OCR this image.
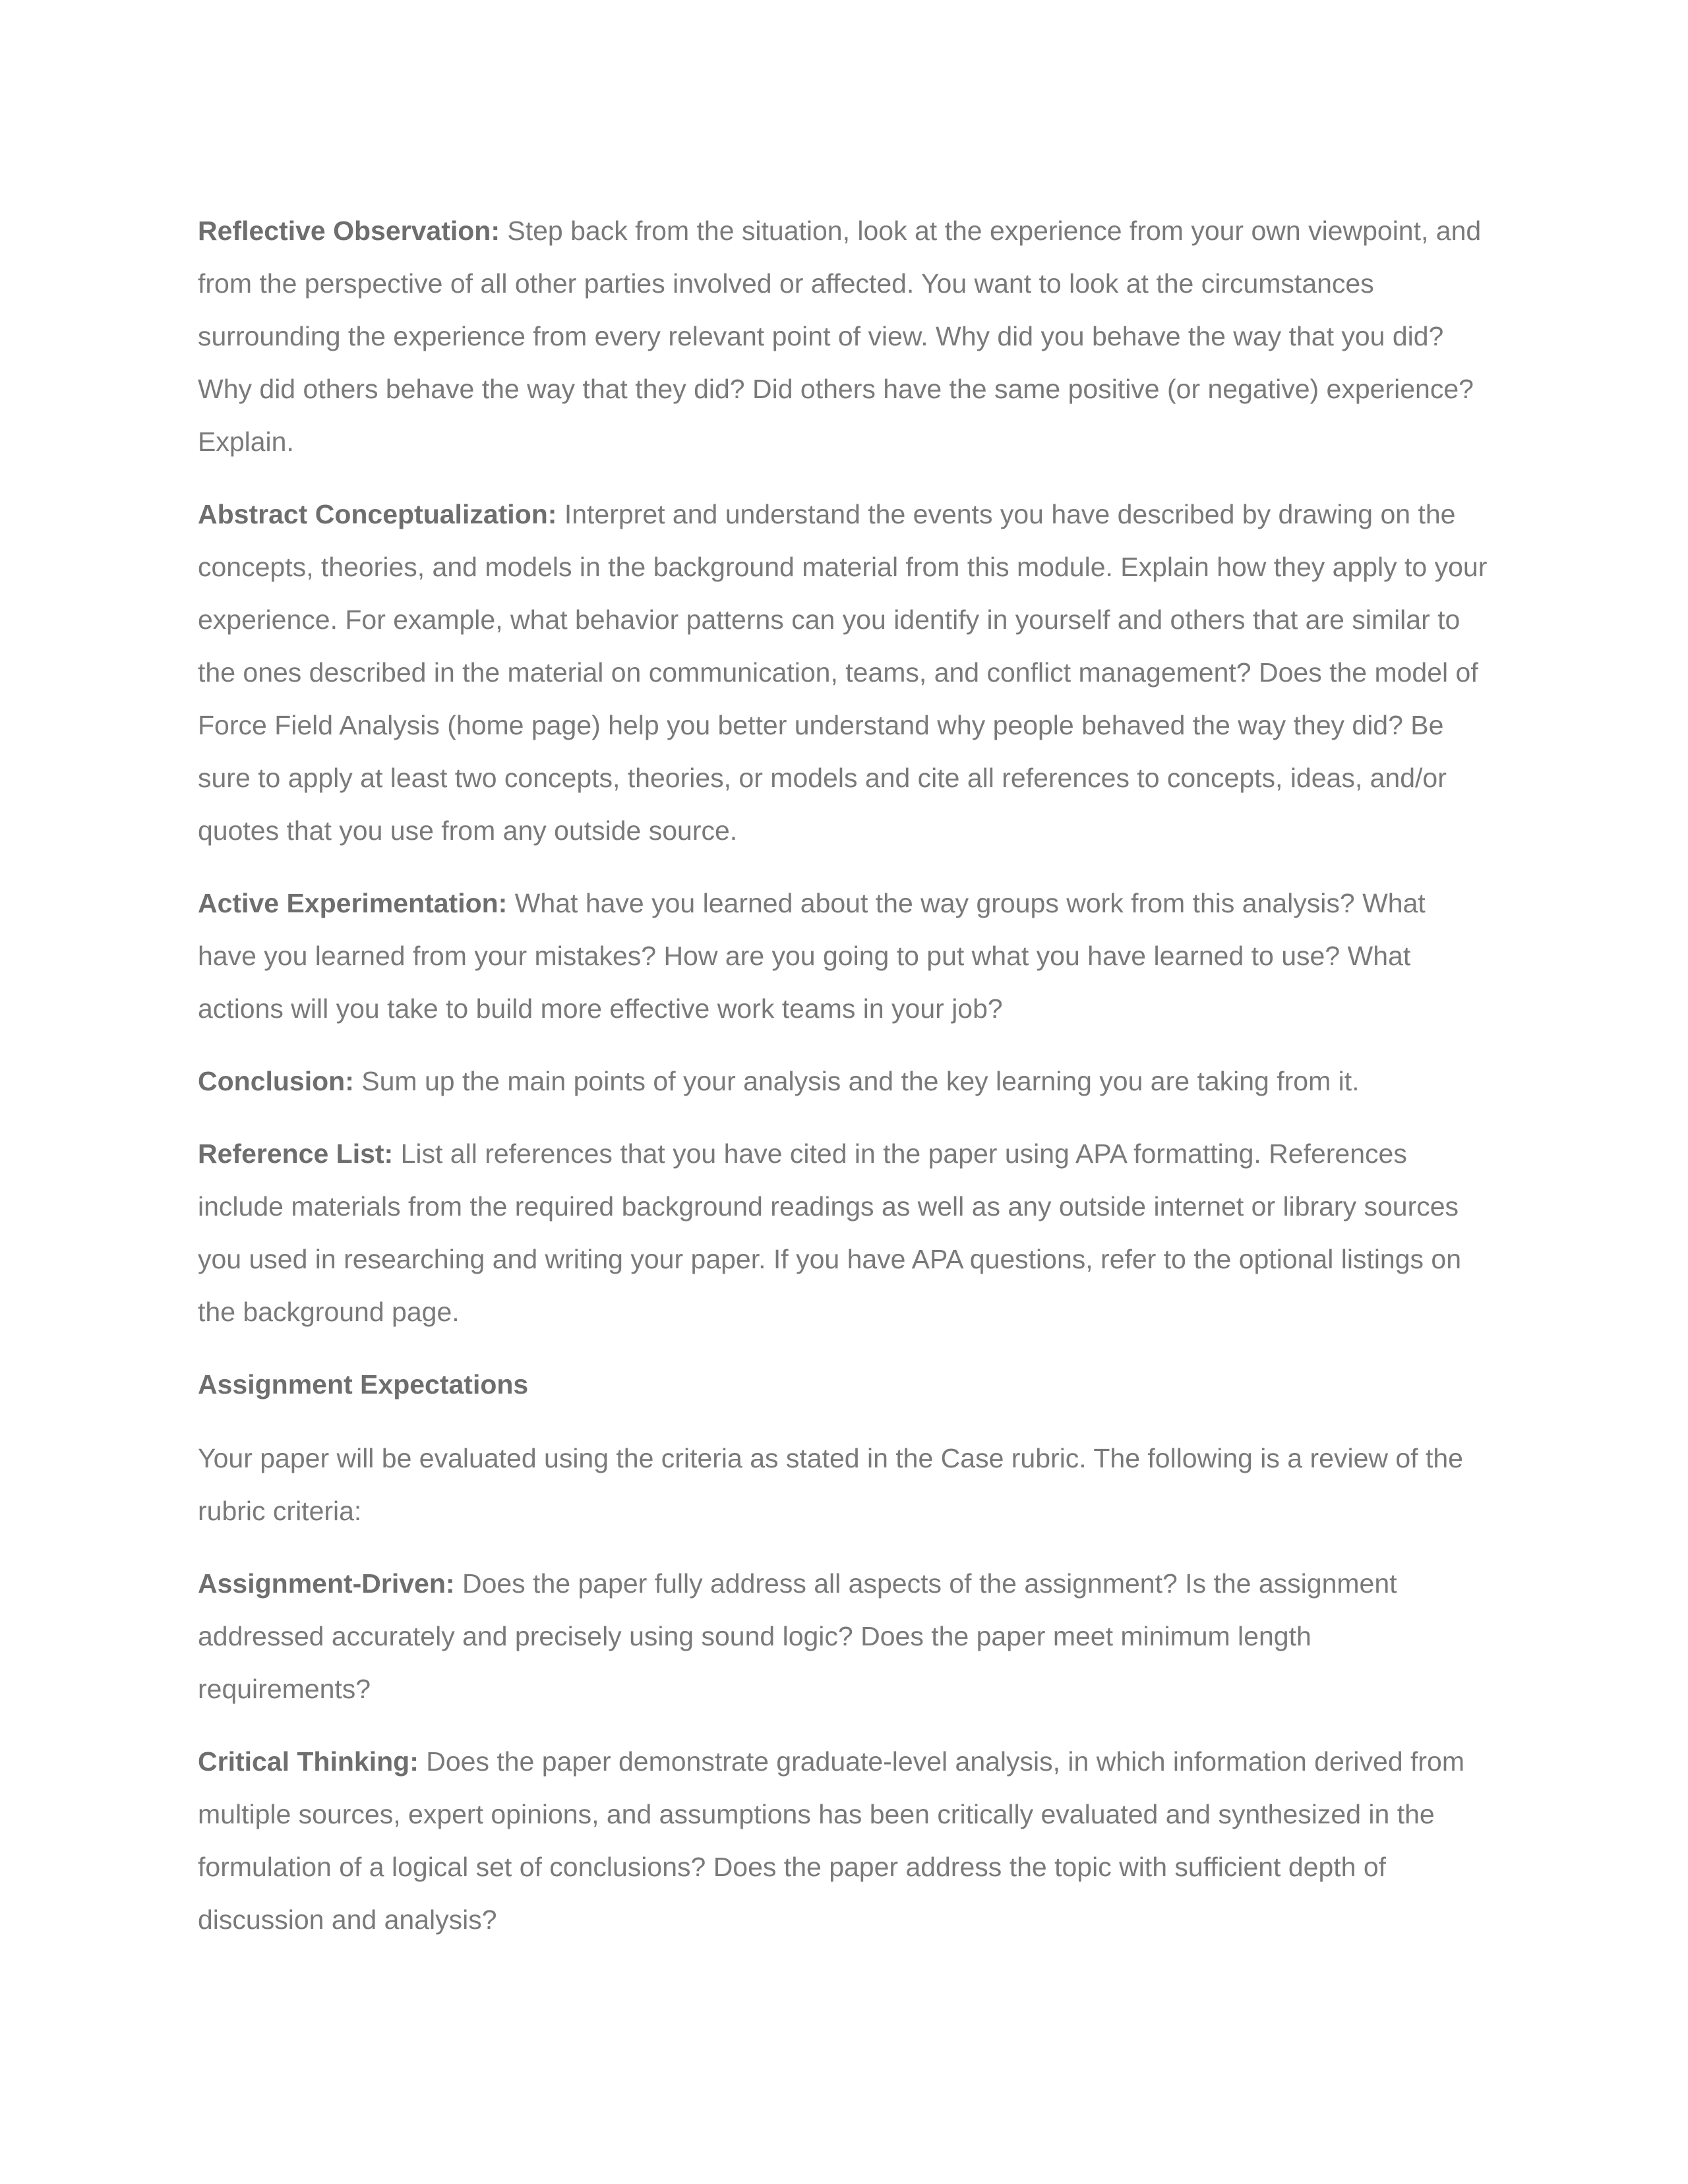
Reflective Observation: Step back from the situation, look at the experience from your own viewpoint, and from the perspective of all other parties involved or affected. You want to look at the circumstances surrounding the experience from every relevant point of view. Why did you behave the way that you did? Why did others behave the way that they did? Did others have the same positive (or negative) experience? Explain.

Abstract Conceptualization: Interpret and understand the events you have described by drawing on the concepts, theories, and models in the background material from this module. Explain how they apply to your experience. For example, what behavior patterns can you identify in yourself and others that are similar to the ones described in the material on communication, teams, and conflict management? Does the model of Force Field Analysis (home page) help you better understand why people behaved the way they did? Be sure to apply at least two concepts, theories, or models and cite all references to concepts, ideas, and/or quotes that you use from any outside source.

Active Experimentation: What have you learned about the way groups work from this analysis? What have you learned from your mistakes? How are you going to put what you have learned to use? What actions will you take to build more effective work teams in your job?

Conclusion: Sum up the main points of your analysis and the key learning you are taking from it.

Reference List: List all references that you have cited in the paper using APA formatting. References include materials from the required background readings as well as any outside internet or library sources you used in researching and writing your paper. If you have APA questions, refer to the optional listings on the background page.

Assignment Expectations

Your paper will be evaluated using the criteria as stated in the Case rubric. The following is a review of the rubric criteria:

Assignment-Driven: Does the paper fully address all aspects of the assignment? Is the assignment addressed accurately and precisely using sound logic? Does the paper meet minimum length requirements?

Critical Thinking: Does the paper demonstrate graduate-level analysis, in which information derived from multiple sources, expert opinions, and assumptions has been critically evaluated and synthesized in the formulation of a logical set of conclusions? Does the paper address the topic with sufficient depth of discussion and analysis?
